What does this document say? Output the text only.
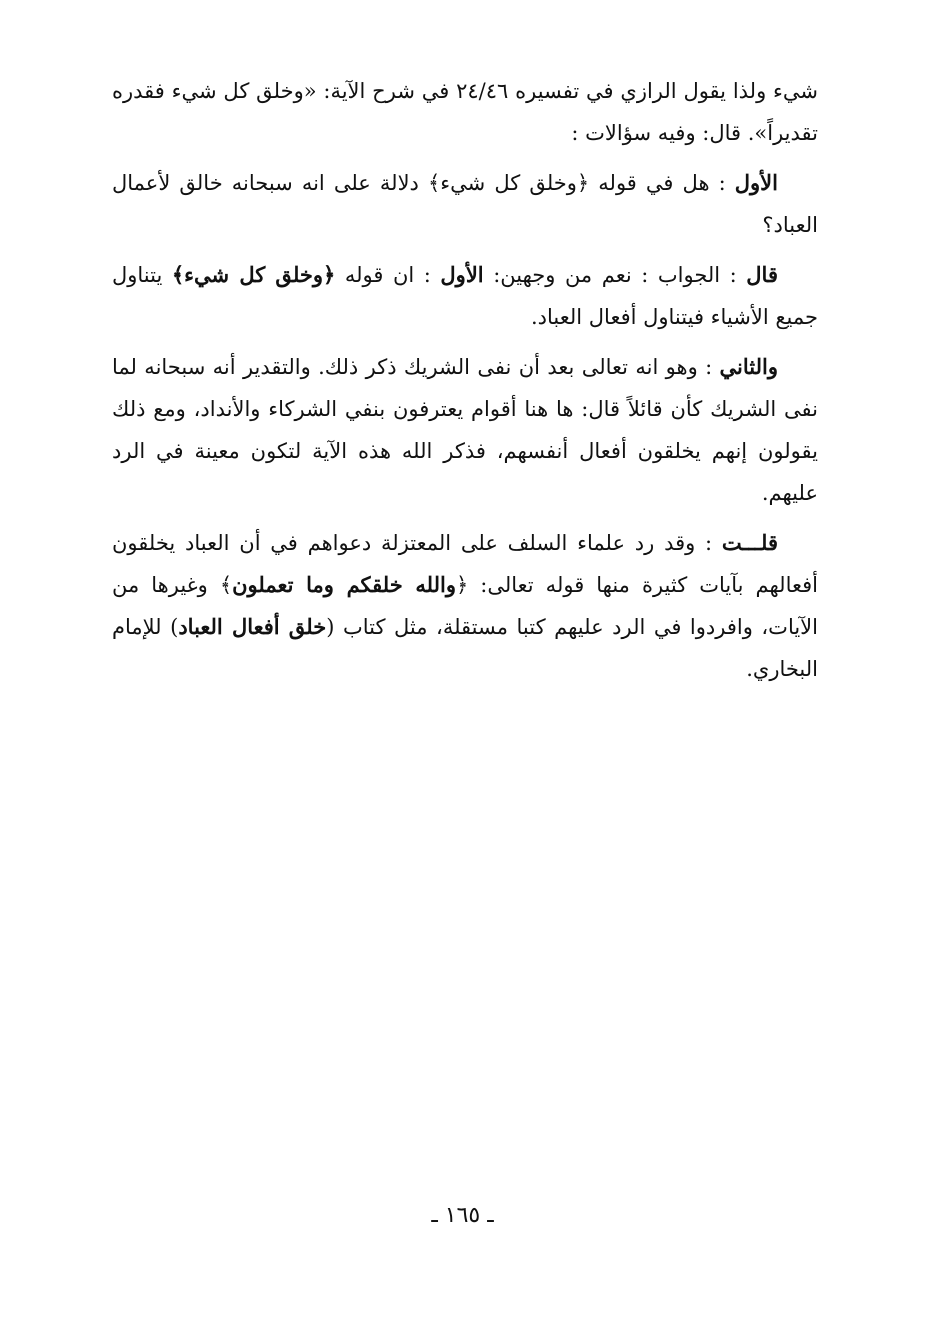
شيء ولذا يقول الرازي في تفسيره ٢٤/٤٦ في شرح الآية: «وخلق كل شيء فقدره تقديراً». قال: وفيه سؤالات :

الأول : هل في قوله ﴿وخلق كل شيء﴾ دلالة على انه سبحانه خالق لأعمال العباد؟

قال : الجواب : نعم من وجهين: الأول : ان قوله ﴿وخلق كل شيء﴾ يتناول جميع الأشياء فيتناول أفعال العباد.

والثاني : وهو انه تعالى بعد أن نفى الشريك ذكر ذلك. والتقدير أنه سبحانه لما نفى الشريك كأن قائلاً قال: ها هنا أقوام يعترفون بنفي الشركاء والأنداد، ومع ذلك يقولون إنهم يخلقون أفعال أنفسهم، فذكر الله هذه الآية لتكون معينة في الرد عليهم.

قلـــت : وقد رد علماء السلف على المعتزلة دعواهم في أن العباد يخلقون أفعالهم بآيات كثيرة منها قوله تعالى: ﴿والله خلقكم وما تعملون﴾ وغيرها من الآيات، وافردوا في الرد عليهم كتبا مستقلة، مثل كتاب (خلق أفعال العباد) للإمام البخاري.

ـ ١٦٥ ـ
